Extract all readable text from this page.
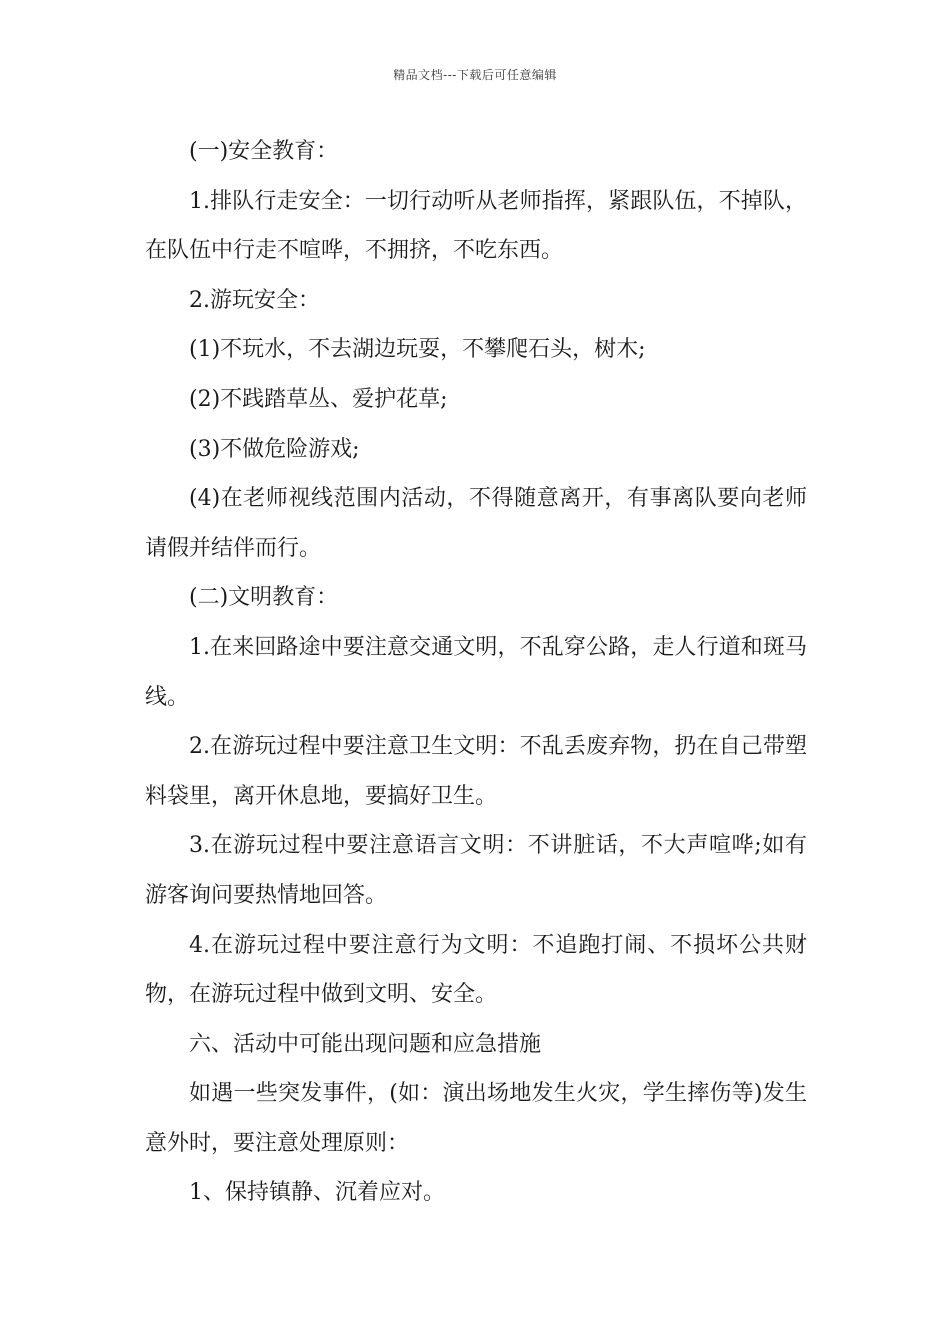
精品文档---下载后可任意编辑

(一)安全教育：

1.排队行走安全：一切行动听从老师指挥，紧跟队伍，不掉队，在队伍中行走不喧哗，不拥挤，不吃东西。

2.游玩安全：

(1)不玩水，不去湖边玩耍，不攀爬石头，树木;

(2)不践踏草丛、爱护花草;

(3)不做危险游戏;

(4)在老师视线范围内活动，不得随意离开，有事离队要向老师请假并结伴而行。

(二)文明教育：

1.在来回路途中要注意交通文明，不乱穿公路，走人行道和斑马线。

2.在游玩过程中要注意卫生文明：不乱丢废弃物，扔在自己带塑料袋里，离开休息地，要搞好卫生。

3.在游玩过程中要注意语言文明：不讲脏话，不大声喧哗;如有游客询问要热情地回答。

4.在游玩过程中要注意行为文明：不追跑打闹、不损坏公共财物，在游玩过程中做到文明、安全。

六、活动中可能出现问题和应急措施

如遇一些突发事件，(如：演出场地发生火灾，学生摔伤等)发生意外时，要注意处理原则：

1、保持镇静、沉着应对。
